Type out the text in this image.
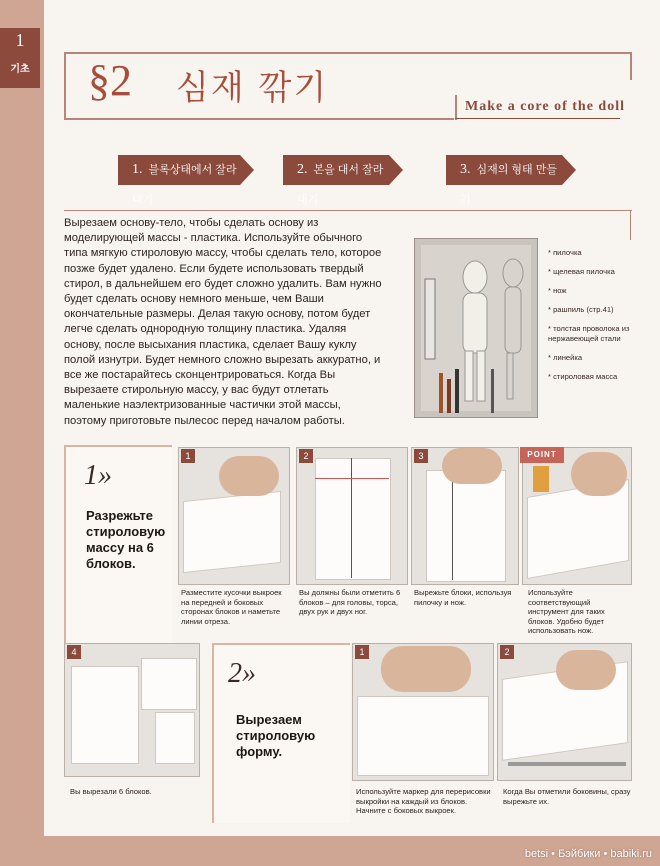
1
기초 §2 심재 깎기	Make a core of the doll
1. 블록상태에서 잘라내기
2. 본을 대서 잘라내기
3. 심재의 형태 만들기
Вырезаем основу-тело, чтобы сделать основу из моделирующей массы - пластика. Используйте обычного типа мягкую стироловую массу, чтобы сделать тело, которое позже будет удалено. Если будете использовать твердый стирол, в дальнейшем его будет сложно удалить. Вам нужно будет сделать основу немного меньше, чем Ваши окончательные размеры. Делая такую основу, потом будет легче сделать однородную толщину пластика. Удаляя основу, после высыхания пластика, сделает Вашу куклу полой изнутри. Будет немного сложно вырезать аккуратно, и все же постарайтесь сконцентрироваться. Когда Вы вырезаете стирольную массу, у вас будут отлетать маленькие наэлектризованные частички этой массы, поэтому приготовьте пылесос перед началом работы.
* пилочка
* щелевая пилочка
* нож
* рашпиль (стр.41)
* толстая проволока из нержавеющей стали
* линейка
* стироловая масса
1»
Разрежьте стироловую массу на 6 блоков.
1
Разместите кусочки выкроек на передней и боковых сторонах блоков и наметьте линии отреза.
2
Вы должны были отметить 6 блоков – для головы, торса, двух рук и двух ног.
3
Вырежьте блоки, используя пилочку и нож.
POINT
Используйте соответствующий инструмент для таких блоков. Удобно будет использовать нож.
4
Вы вырезали 6 блоков.
2»
Вырезаем стироловую форму.
1
Используйте маркер для перерисовки выкройки на каждый из блоков. Начните с боковых выкроек.
2
Когда Вы отметили боковины, сразу вырежьте их.
betsi • Бэйбики • babiki.ru
